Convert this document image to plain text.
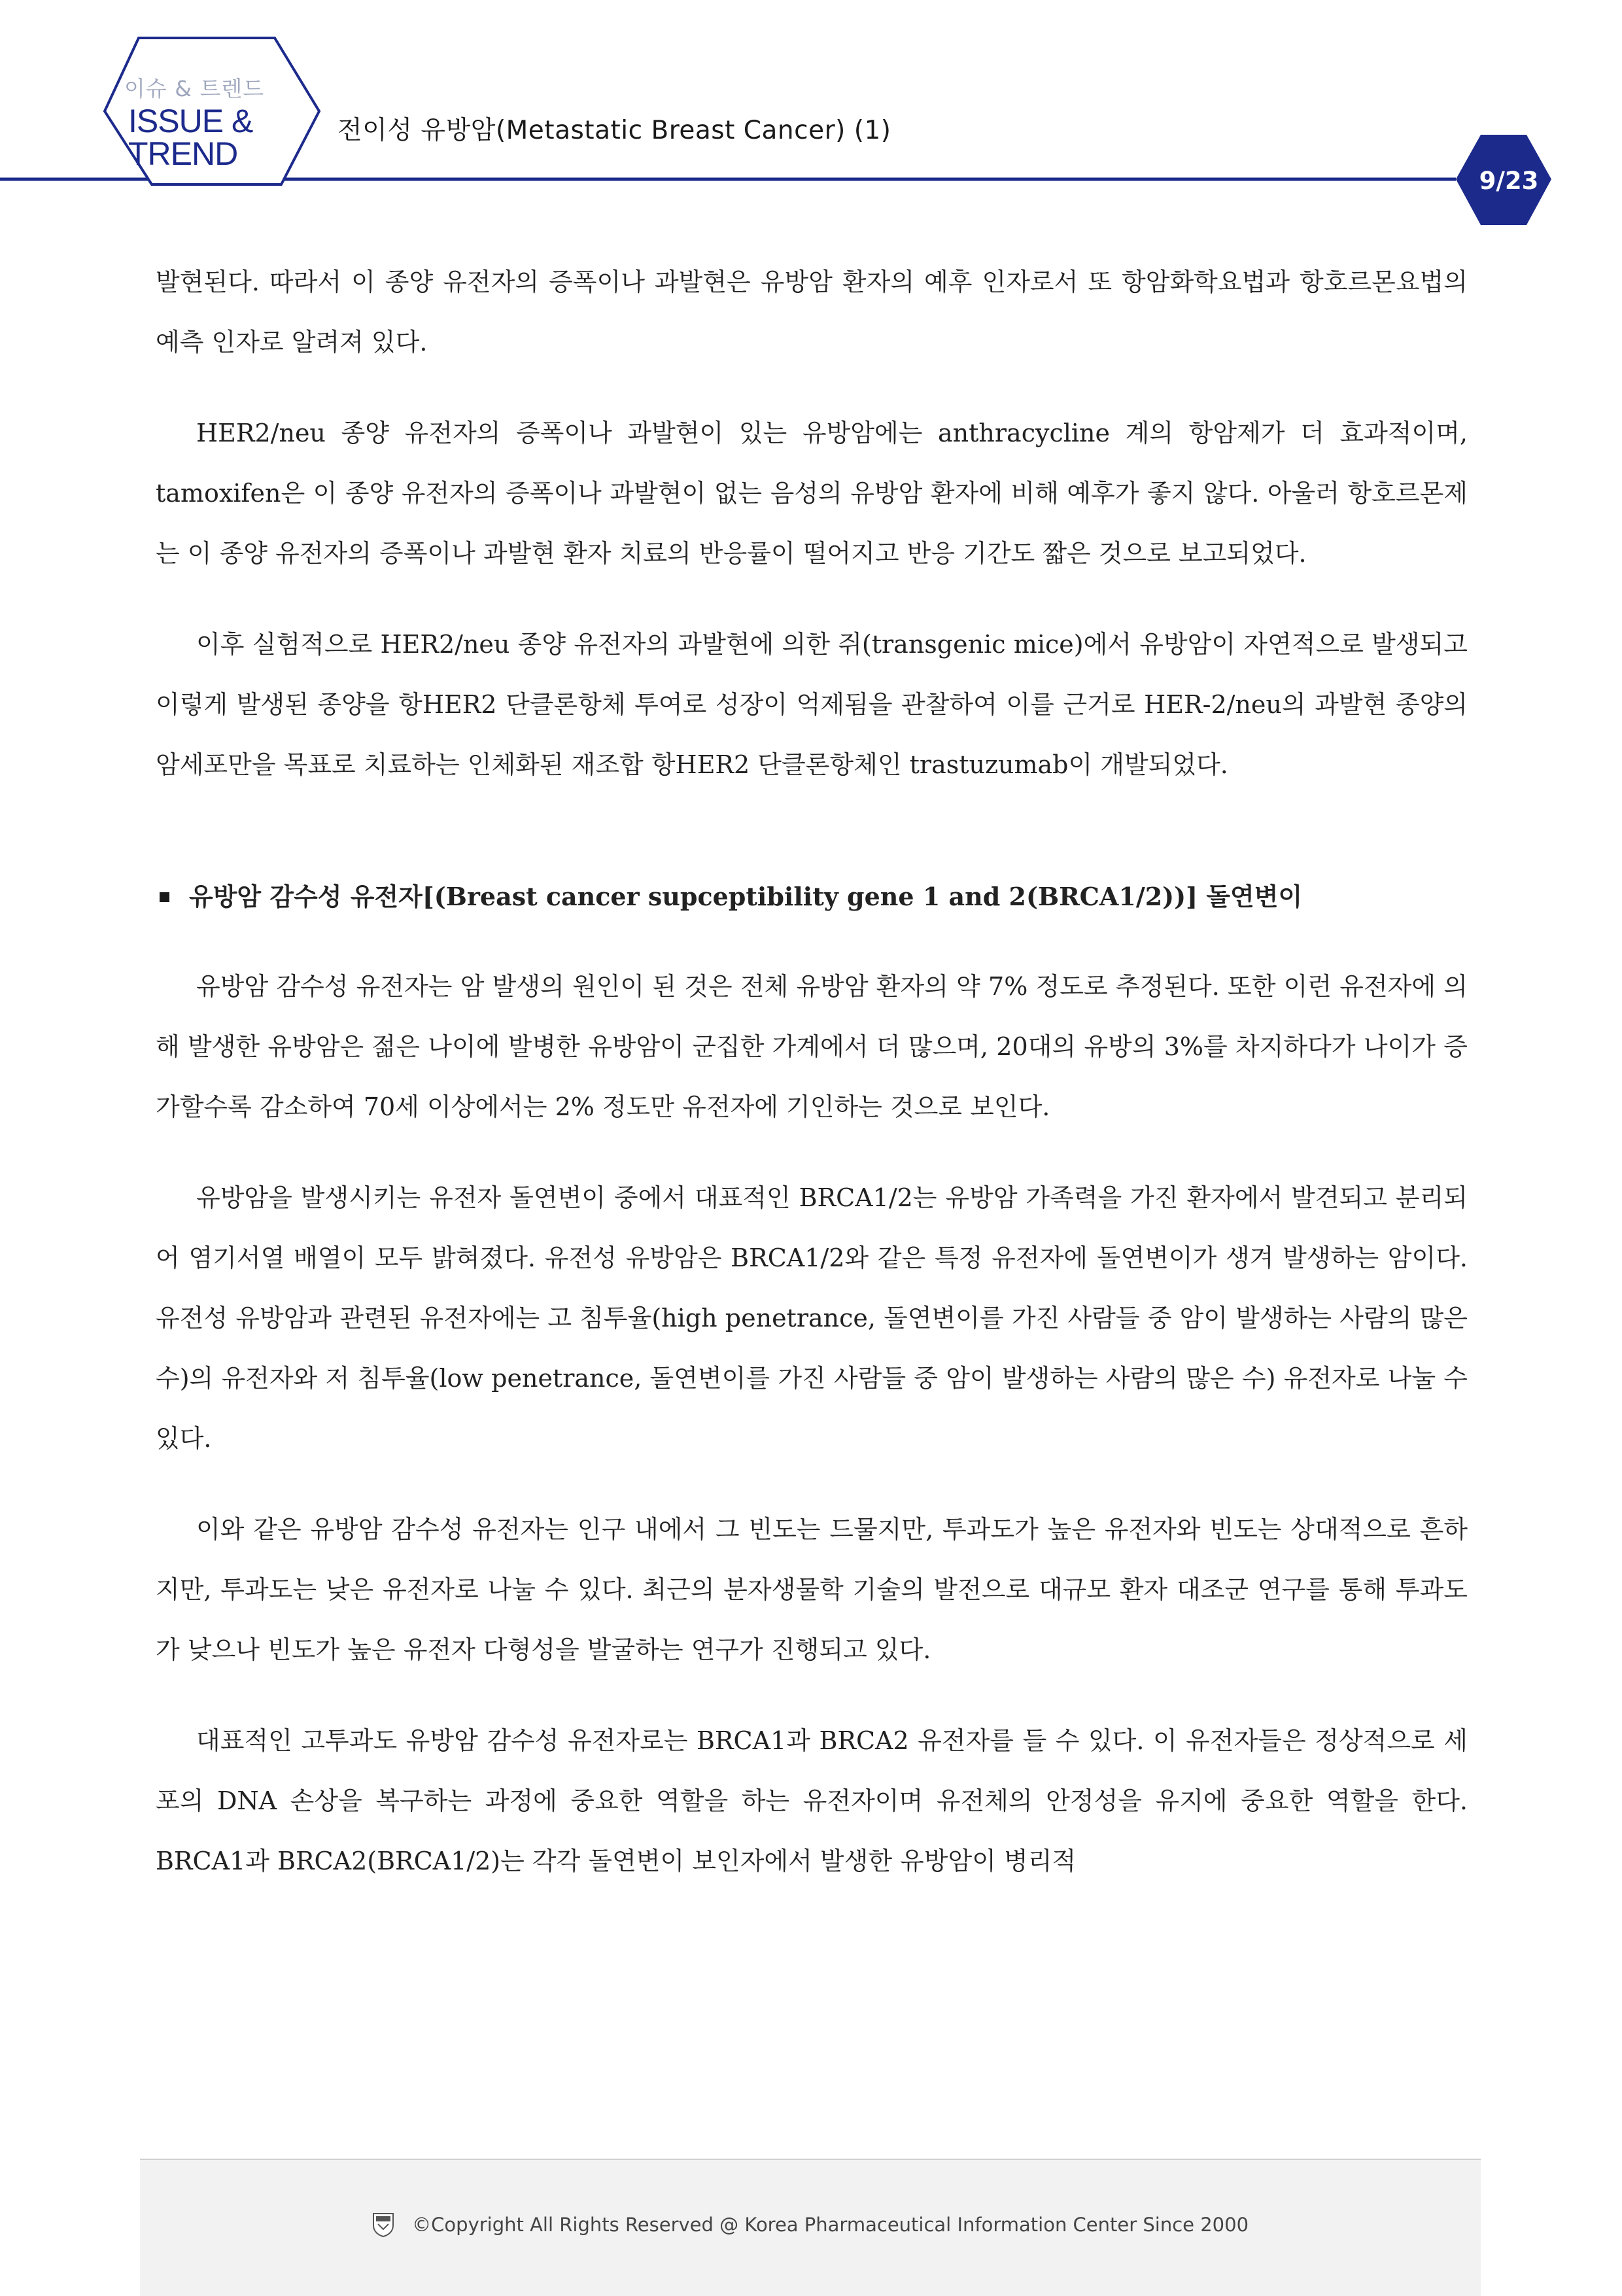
이슈 & 트렌드
ISSUE &
TREND
전이성 유방암(Metastatic Breast Cancer) (1)
9/23

발현된다. 따라서 이 종양 유전자의 증폭이나 과발현은 유방암 환자의 예후 인자로서 또 항암화학요법과 항호르몬요법의 예측 인자로 알려져 있다.

HER2/neu 종양 유전자의 증폭이나 과발현이 있는 유방암에는 anthracycline 계의 항암제가 더 효과적이며, tamoxifen은 이 종양 유전자의 증폭이나 과발현이 없는 음성의 유방암 환자에 비해 예후가 좋지 않다. 아울러 항호르몬제는 이 종양 유전자의 증폭이나 과발현 환자 치료의 반응률이 떨어지고 반응 기간도 짧은 것으로 보고되었다.

이후 실험적으로 HER2/neu 종양 유전자의 과발현에 의한 쥐(transgenic mice)에서 유방암이 자연적으로 발생되고 이렇게 발생된 종양을 항HER2 단클론항체 투여로 성장이 억제됨을 관찰하여 이를 근거로 HER-2/neu의 과발현 종양의 암세포만을 목표로 치료하는 인체화된 재조합 항HER2 단클론항체인 trastuzumab이 개발되었다.

유방암 감수성 유전자[(Breast cancer supceptibility gene 1 and 2(BRCA1/2))] 돌연변이

유방암 감수성 유전자는 암 발생의 원인이 된 것은 전체 유방암 환자의 약 7% 정도로 추정된다. 또한 이런 유전자에 의해 발생한 유방암은 젊은 나이에 발병한 유방암이 군집한 가계에서 더 많으며, 20대의 유방의 3%를 차지하다가 나이가 증가할수록 감소하여 70세 이상에서는 2% 정도만 유전자에 기인하는 것으로 보인다.

유방암을 발생시키는 유전자 돌연변이 중에서 대표적인 BRCA1/2는 유방암 가족력을 가진 환자에서 발견되고 분리되어 염기서열 배열이 모두 밝혀졌다. 유전성 유방암은 BRCA1/2와 같은 특정 유전자에 돌연변이가 생겨 발생하는 암이다. 유전성 유방암과 관련된 유전자에는 고 침투율(high penetrance, 돌연변이를 가진 사람들 중 암이 발생하는 사람의 많은 수)의 유전자와 저 침투율(low penetrance, 돌연변이를 가진 사람들 중 암이 발생하는 사람의 많은 수) 유전자로 나눌 수 있다.

이와 같은 유방암 감수성 유전자는 인구 내에서 그 빈도는 드물지만, 투과도가 높은 유전자와 빈도는 상대적으로 흔하지만, 투과도는 낮은 유전자로 나눌 수 있다. 최근의 분자생물학 기술의 발전으로 대규모 환자 대조군 연구를 통해 투과도가 낮으나 빈도가 높은 유전자 다형성을 발굴하는 연구가 진행되고 있다.

대표적인 고투과도 유방암 감수성 유전자로는 BRCA1과 BRCA2 유전자를 들 수 있다. 이 유전자들은 정상적으로 세포의 DNA 손상을 복구하는 과정에 중요한 역할을 하는 유전자이며 유전체의 안정성을 유지에 중요한 역할을 한다. BRCA1과 BRCA2(BRCA1/2)는 각각 돌연변이 보인자에서 발생한 유방암이 병리적

©Copyright All Rights Reserved @ Korea Pharmaceutical Information Center Since 2000
